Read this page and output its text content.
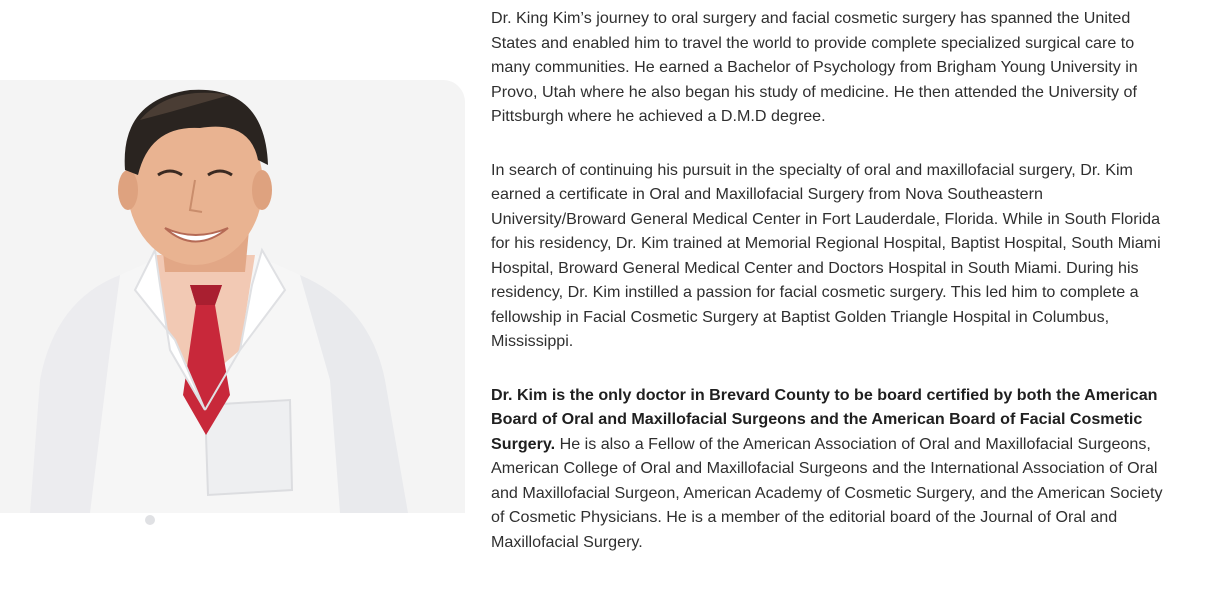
Dr. King Kim’s journey to oral surgery and facial cosmetic surgery has spanned the United States and enabled him to travel the world to provide complete specialized surgical care to many communities. He earned a Bachelor of Psychology from Brigham Young University in Provo, Utah where he also began his study of medicine. He then attended the University of Pittsburgh where he achieved a D.M.D degree.

In search of continuing his pursuit in the specialty of oral and maxillofacial surgery, Dr. Kim earned a certificate in Oral and Maxillofacial Surgery from Nova Southeastern University/Broward General Medical Center in Fort Lauderdale, Florida. While in South Florida for his residency, Dr. Kim trained at Memorial Regional Hospital, Baptist Hospital, South Miami Hospital, Broward General Medical Center and Doctors Hospital in South Miami. During his residency, Dr. Kim instilled a passion for facial cosmetic surgery. This led him to complete a fellowship in Facial Cosmetic Surgery at Baptist Golden Triangle Hospital in Columbus, Mississippi.

Dr. Kim is the only doctor in Brevard County to be board certified by both the American Board of Oral and Maxillofacial Surgeons and the American Board of Facial Cosmetic Surgery. He is also a Fellow of the American Association of Oral and Maxillofacial Surgeons, American College of Oral and Maxillofacial Surgeons and the International Association of Oral and Maxillofacial Surgeon, American Academy of Cosmetic Surgery, and the American Society of Cosmetic Physicians. He is a member of the editorial board of the Journal of Oral and Maxillofacial Surgery.
